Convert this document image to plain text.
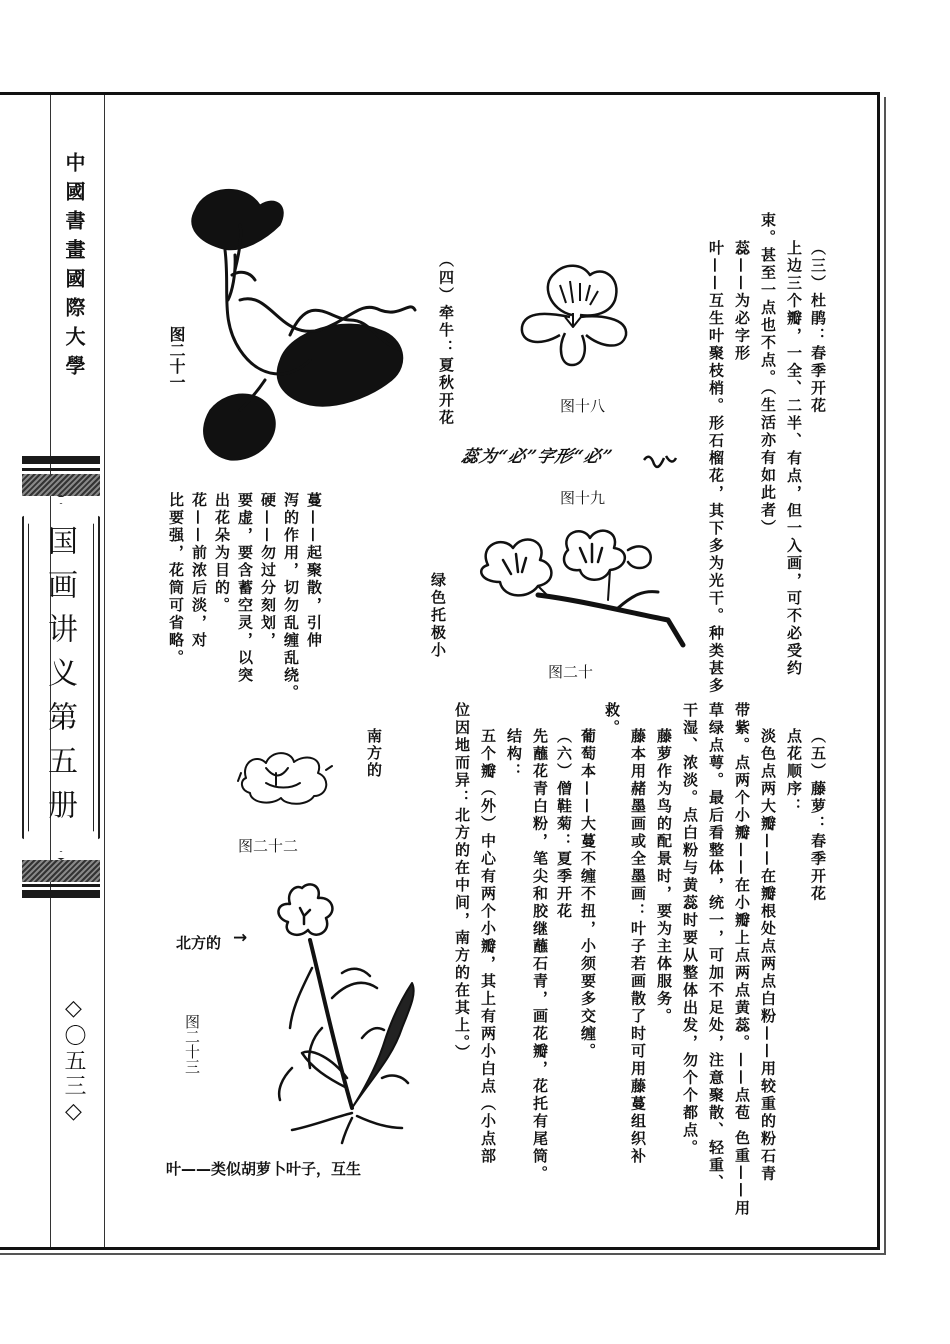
中國書畫國際大學
国画讲义第五册
◇〇五三◇
（三）杜鹃：春季开花
上边三个瓣，一全、二半、有点，但一入画，可不必受约
束。甚至一点也不点。（生活亦有如此者）
蕊——为必字形
叶——互生叶聚枝梢。形石榴花，其下多为光干。种类甚多
图十八
蕊为“必”字形“必”
图十九
图二十
（四）牵牛：夏秋开花
绿色托极小
图二十一
蔓——起聚散，引伸
泻的作用，切勿乱缠乱绕。
硬——勿过分刻划，
要虚，要含蓄空灵，以突
出花朵为目的。
花——前浓后淡，对
比要强，花筒可省略。
（五）藤萝：春季开花
点花顺序：
淡色点两大瓣——在瓣根处点两点白粉——用较重的粉石青
带紫。点两个小瓣——在小瓣上点两点黄蕊。——点苞 色重——用
草绿点萼。最后看整体，统一，可加不足处，注意聚散、轻重、
干湿、浓淡。点白粉与黄蕊时要从整体出发，勿个个都点。
藤萝作为鸟的配景时，要为主体服务。
藤本用赭墨画或全墨画：叶子若画散了时可用藤蔓组织补
救。
葡萄本——大蔓不缠不扭，小须要多交缠。
（六）僧鞋菊：夏季开花
先蘸花青白粉，笔尖和胶继蘸石青，画花瓣，花托有尾筒。
结构：
五个瓣（外）中心有两个小瓣，其上有两小白点（小点部
位因地而异：北方的在中间，南方的在其上。）
南方的
图二十二
北方的 →
图二十三
叶——类似胡萝卜叶子，互生
